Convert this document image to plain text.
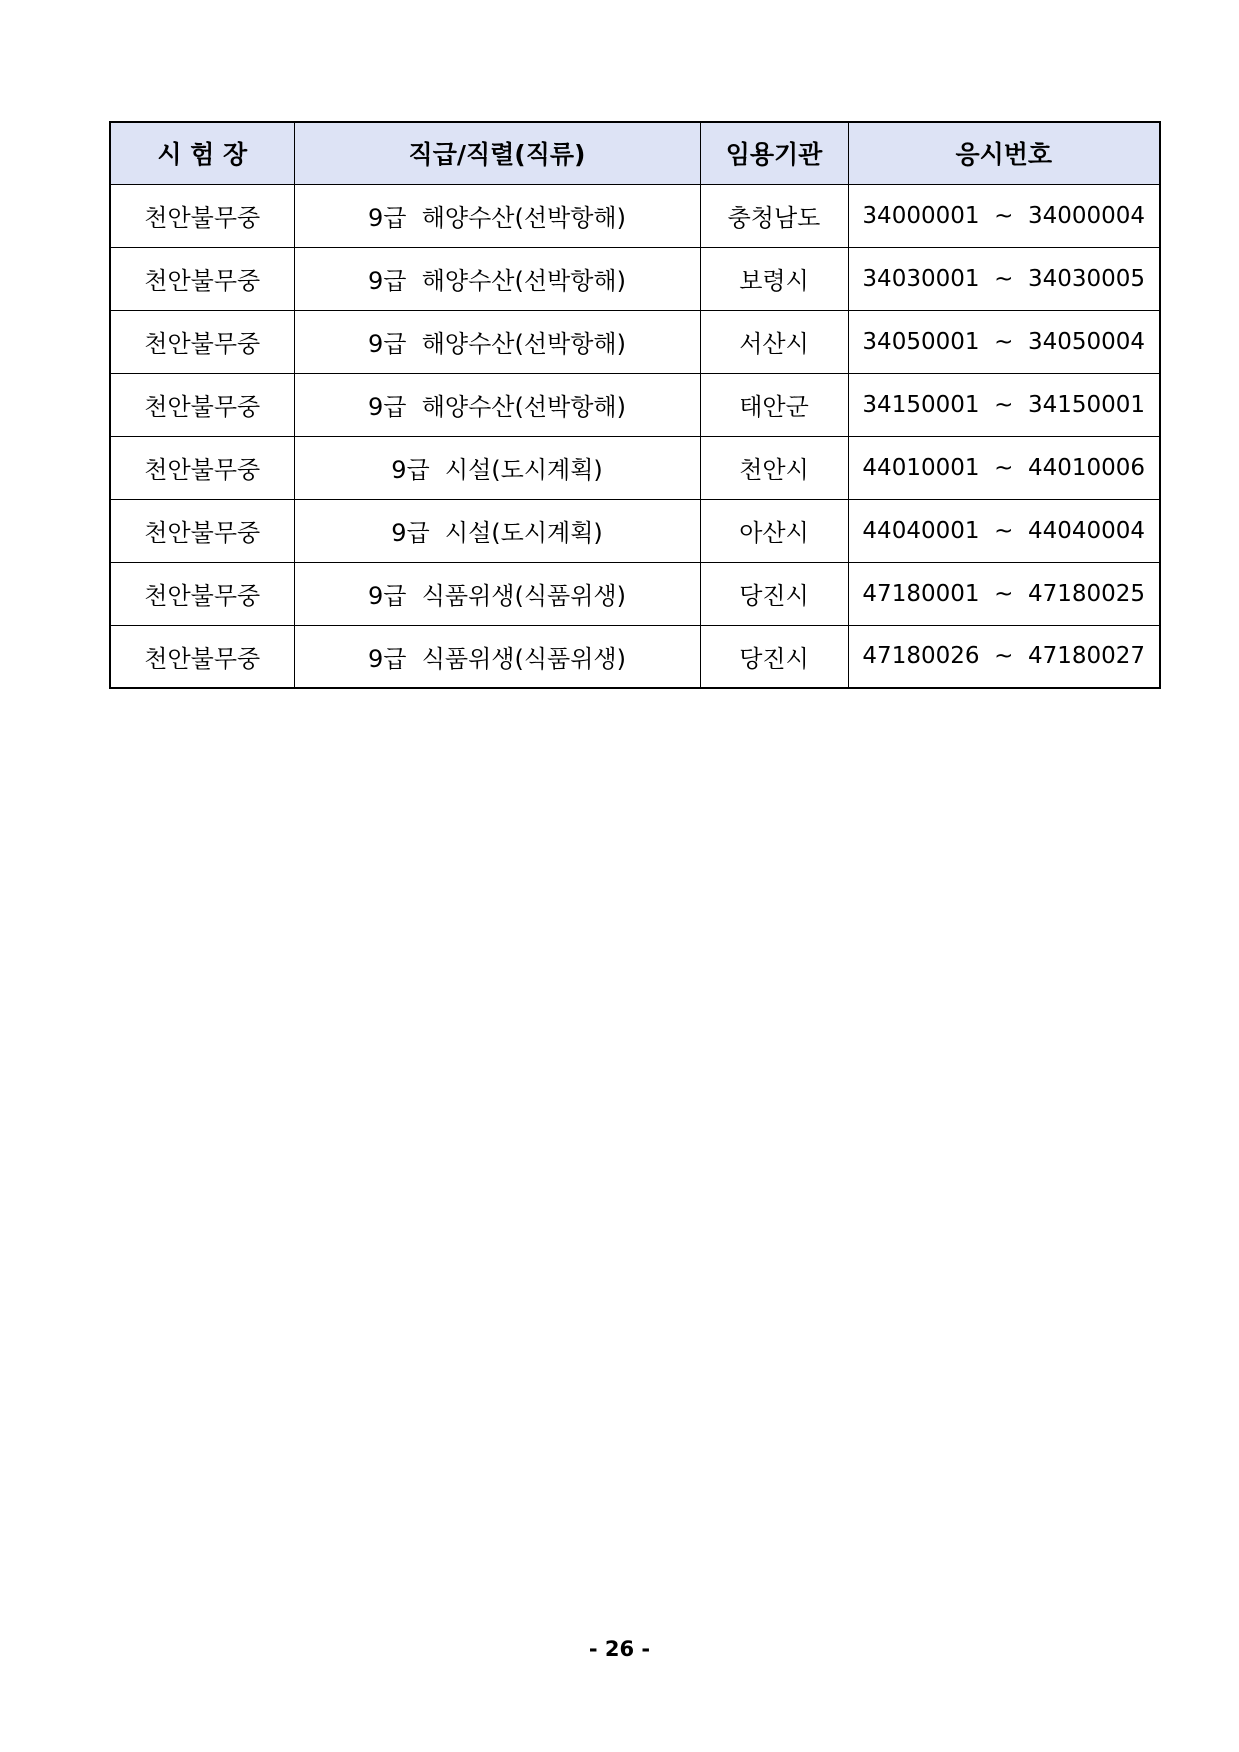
시 험 장	직급/직렬(직류)	임용기관	응시번호
천안불무중	9급  해양수산(선박항해)	충청남도	34000001  ~  34000004
천안불무중	9급  해양수산(선박항해)	보령시	34030001  ~  34030005
천안불무중	9급  해양수산(선박항해)	서산시	34050001  ~  34050004
천안불무중	9급  해양수산(선박항해)	태안군	34150001  ~  34150001
천안불무중	9급  시설(도시계획)	천안시	44010001  ~  44010006
천안불무중	9급  시설(도시계획)	아산시	44040001  ~  44040004
천안불무중	9급  식품위생(식품위생)	당진시	47180001  ~  47180025
천안불무중	9급  식품위생(식품위생)	당진시	47180026  ~  47180027
- 26 -
